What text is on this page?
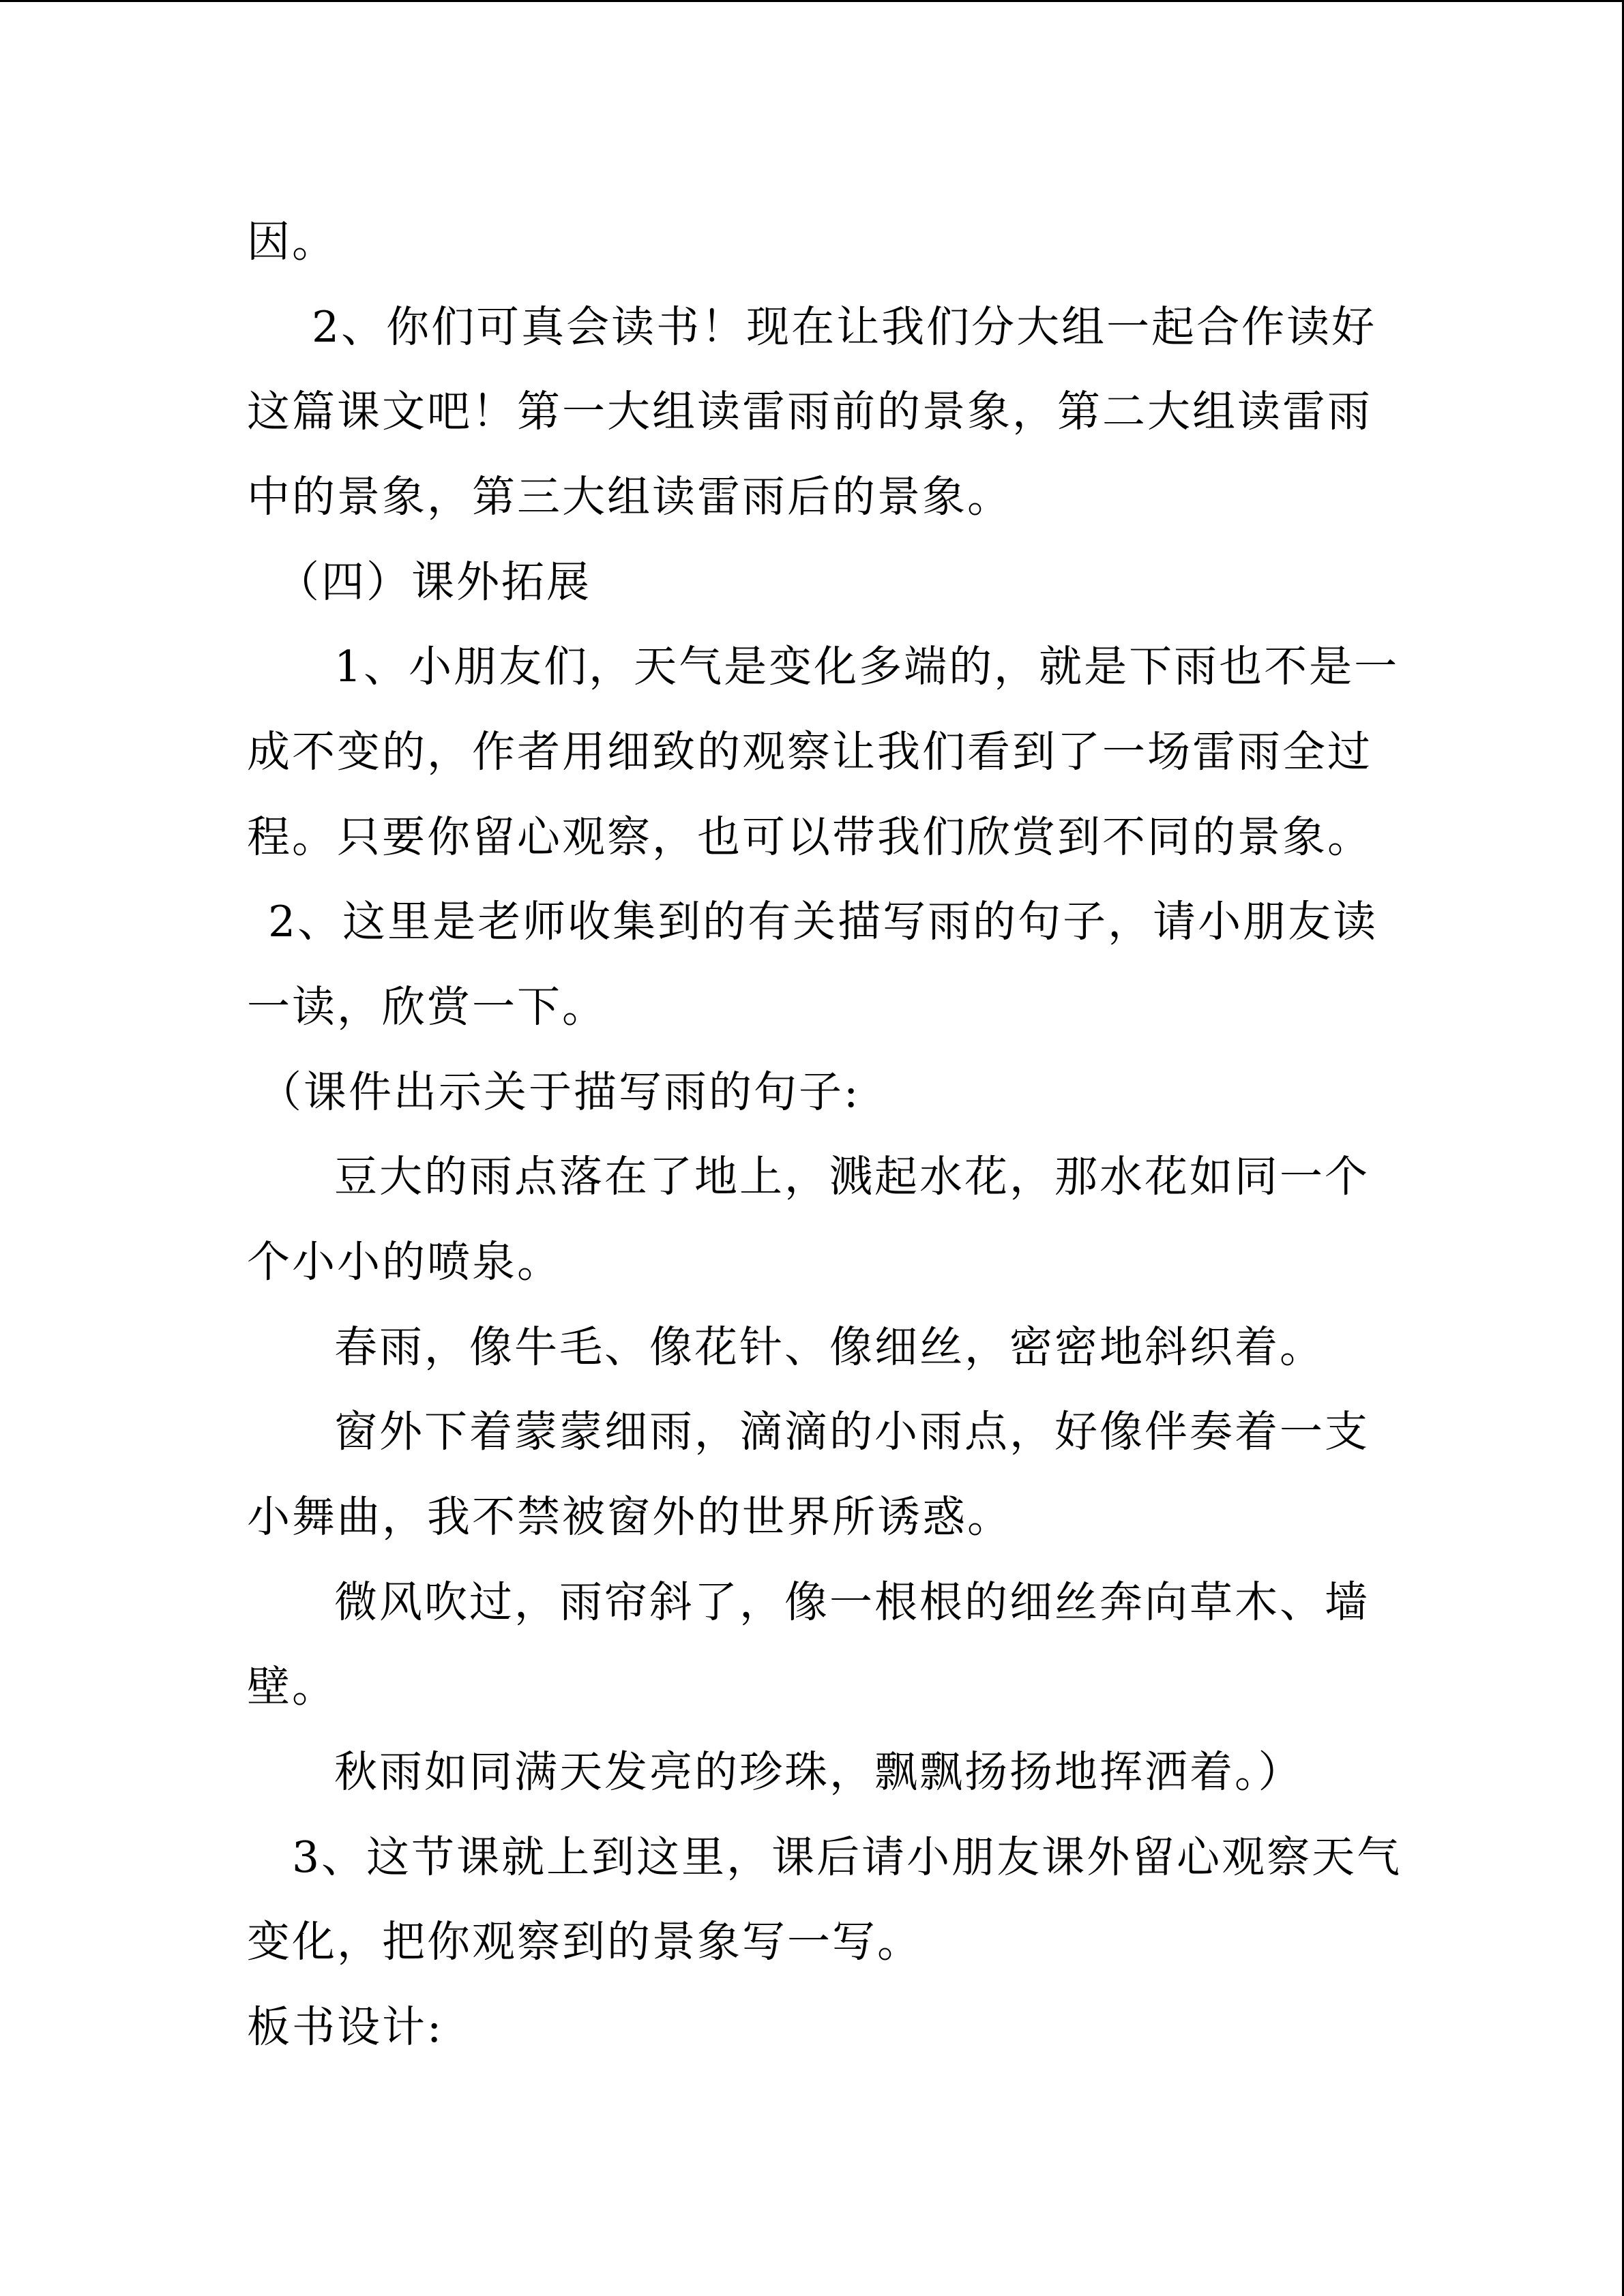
因。

2、你们可真会读书！现在让我们分大组一起合作读好

这篇课文吧！第一大组读雷雨前的景象，第二大组读雷雨

中的景象，第三大组读雷雨后的景象。

（四）课外拓展

1、小朋友们，天气是变化多端的，就是下雨也不是一

成不变的，作者用细致的观察让我们看到了一场雷雨全过

程。只要你留心观察，也可以带我们欣赏到不同的景象。

2、这里是老师收集到的有关描写雨的句子，请小朋友读

一读，欣赏一下。

（课件出示关于描写雨的句子:

豆大的雨点落在了地上，溅起水花，那水花如同一个

个小小的喷泉。

春雨，像牛毛、像花针、像细丝，密密地斜织着。

窗外下着蒙蒙细雨，滴滴的小雨点，好像伴奏着一支

小舞曲，我不禁被窗外的世界所诱惑。

微风吹过，雨帘斜了，像一根根的细丝奔向草木、墙

壁。

秋雨如同满天发亮的珍珠，飘飘扬扬地挥洒着。）

3、这节课就上到这里，课后请小朋友课外留心观察天气

变化，把你观察到的景象写一写。

板书设计:
